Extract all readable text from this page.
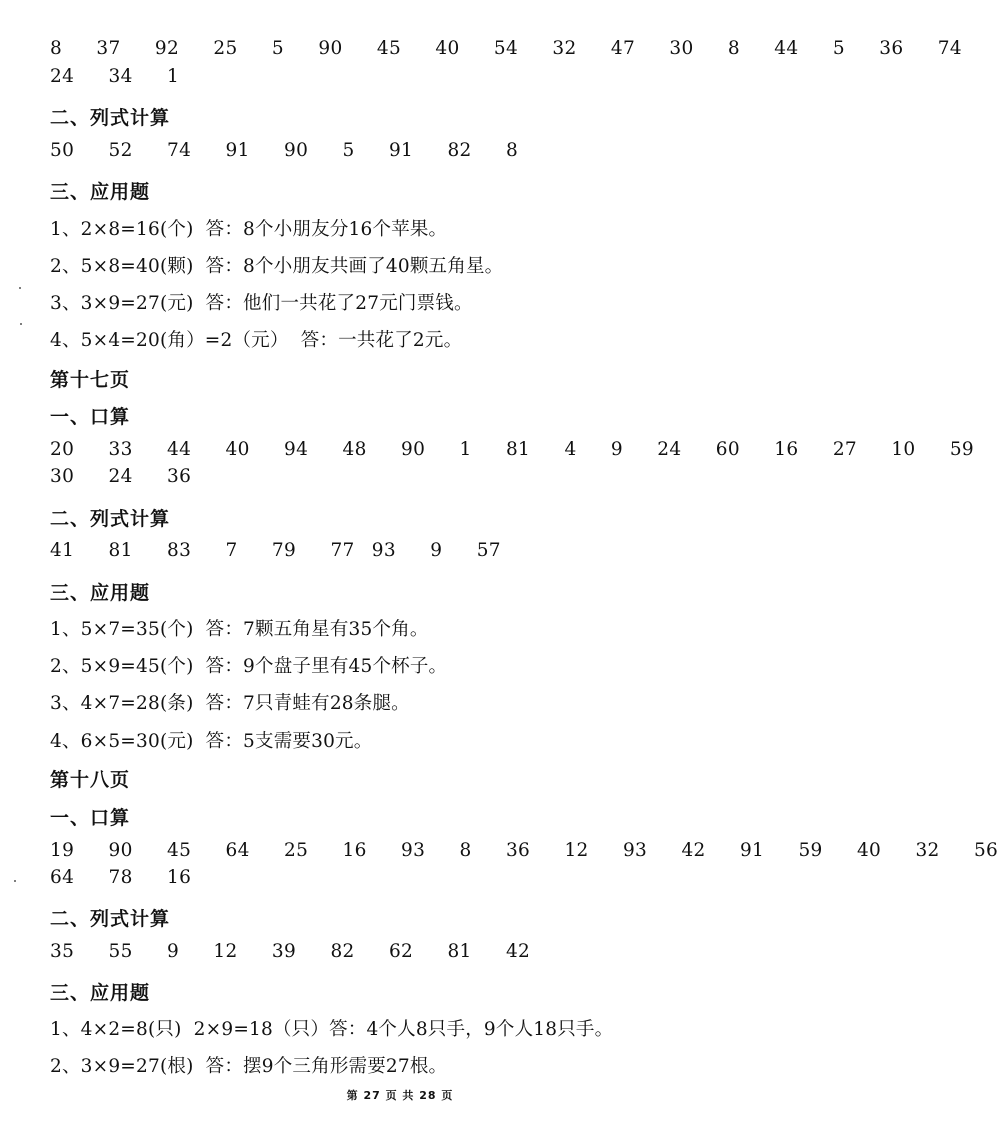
8  37  92  25  5  90  45  40  54  32  47  30  8  44  5  36  74
24  34  1
二、列式计算
50  52  74  91  90  5  91  82  8
三、应用题
1、2×8=16(个)  答：8个小朋友分16个苹果。
2、5×8=40(颗)  答：8个小朋友共画了40颗五角星。
3、3×9=27(元)  答：他们一共花了27元门票钱。
4、5×4=20(角）=2（元）  答：一共花了2元。
第十七页
一、口算
20  33  44  40  94  48  90  1  81  4  9  24  60  16  27  10  59
30  24  36
二、列式计算
41  81  83  7  79  77 93  9  57
三、应用题
1、5×7=35(个)  答：7颗五角星有35个角。
2、5×9=45(个)  答：9个盘子里有45个杯子。
3、4×7=28(条)  答：7只青蛙有28条腿。
4、6×5=30(元)  答：5支需要30元。
第十八页
一、口算
19  90  45  64  25  16  93  8  36  12  93  42  91  59  40  32  56
64  78  16
二、列式计算
35  55  9  12  39  82  62  81  42
三、应用题
1、4×2=8(只)  2×9=18（只）答：4个人8只手，9个人18只手。
2、3×9=27(根)  答：摆9个三角形需要27根。
第 27 页 共 28 页
